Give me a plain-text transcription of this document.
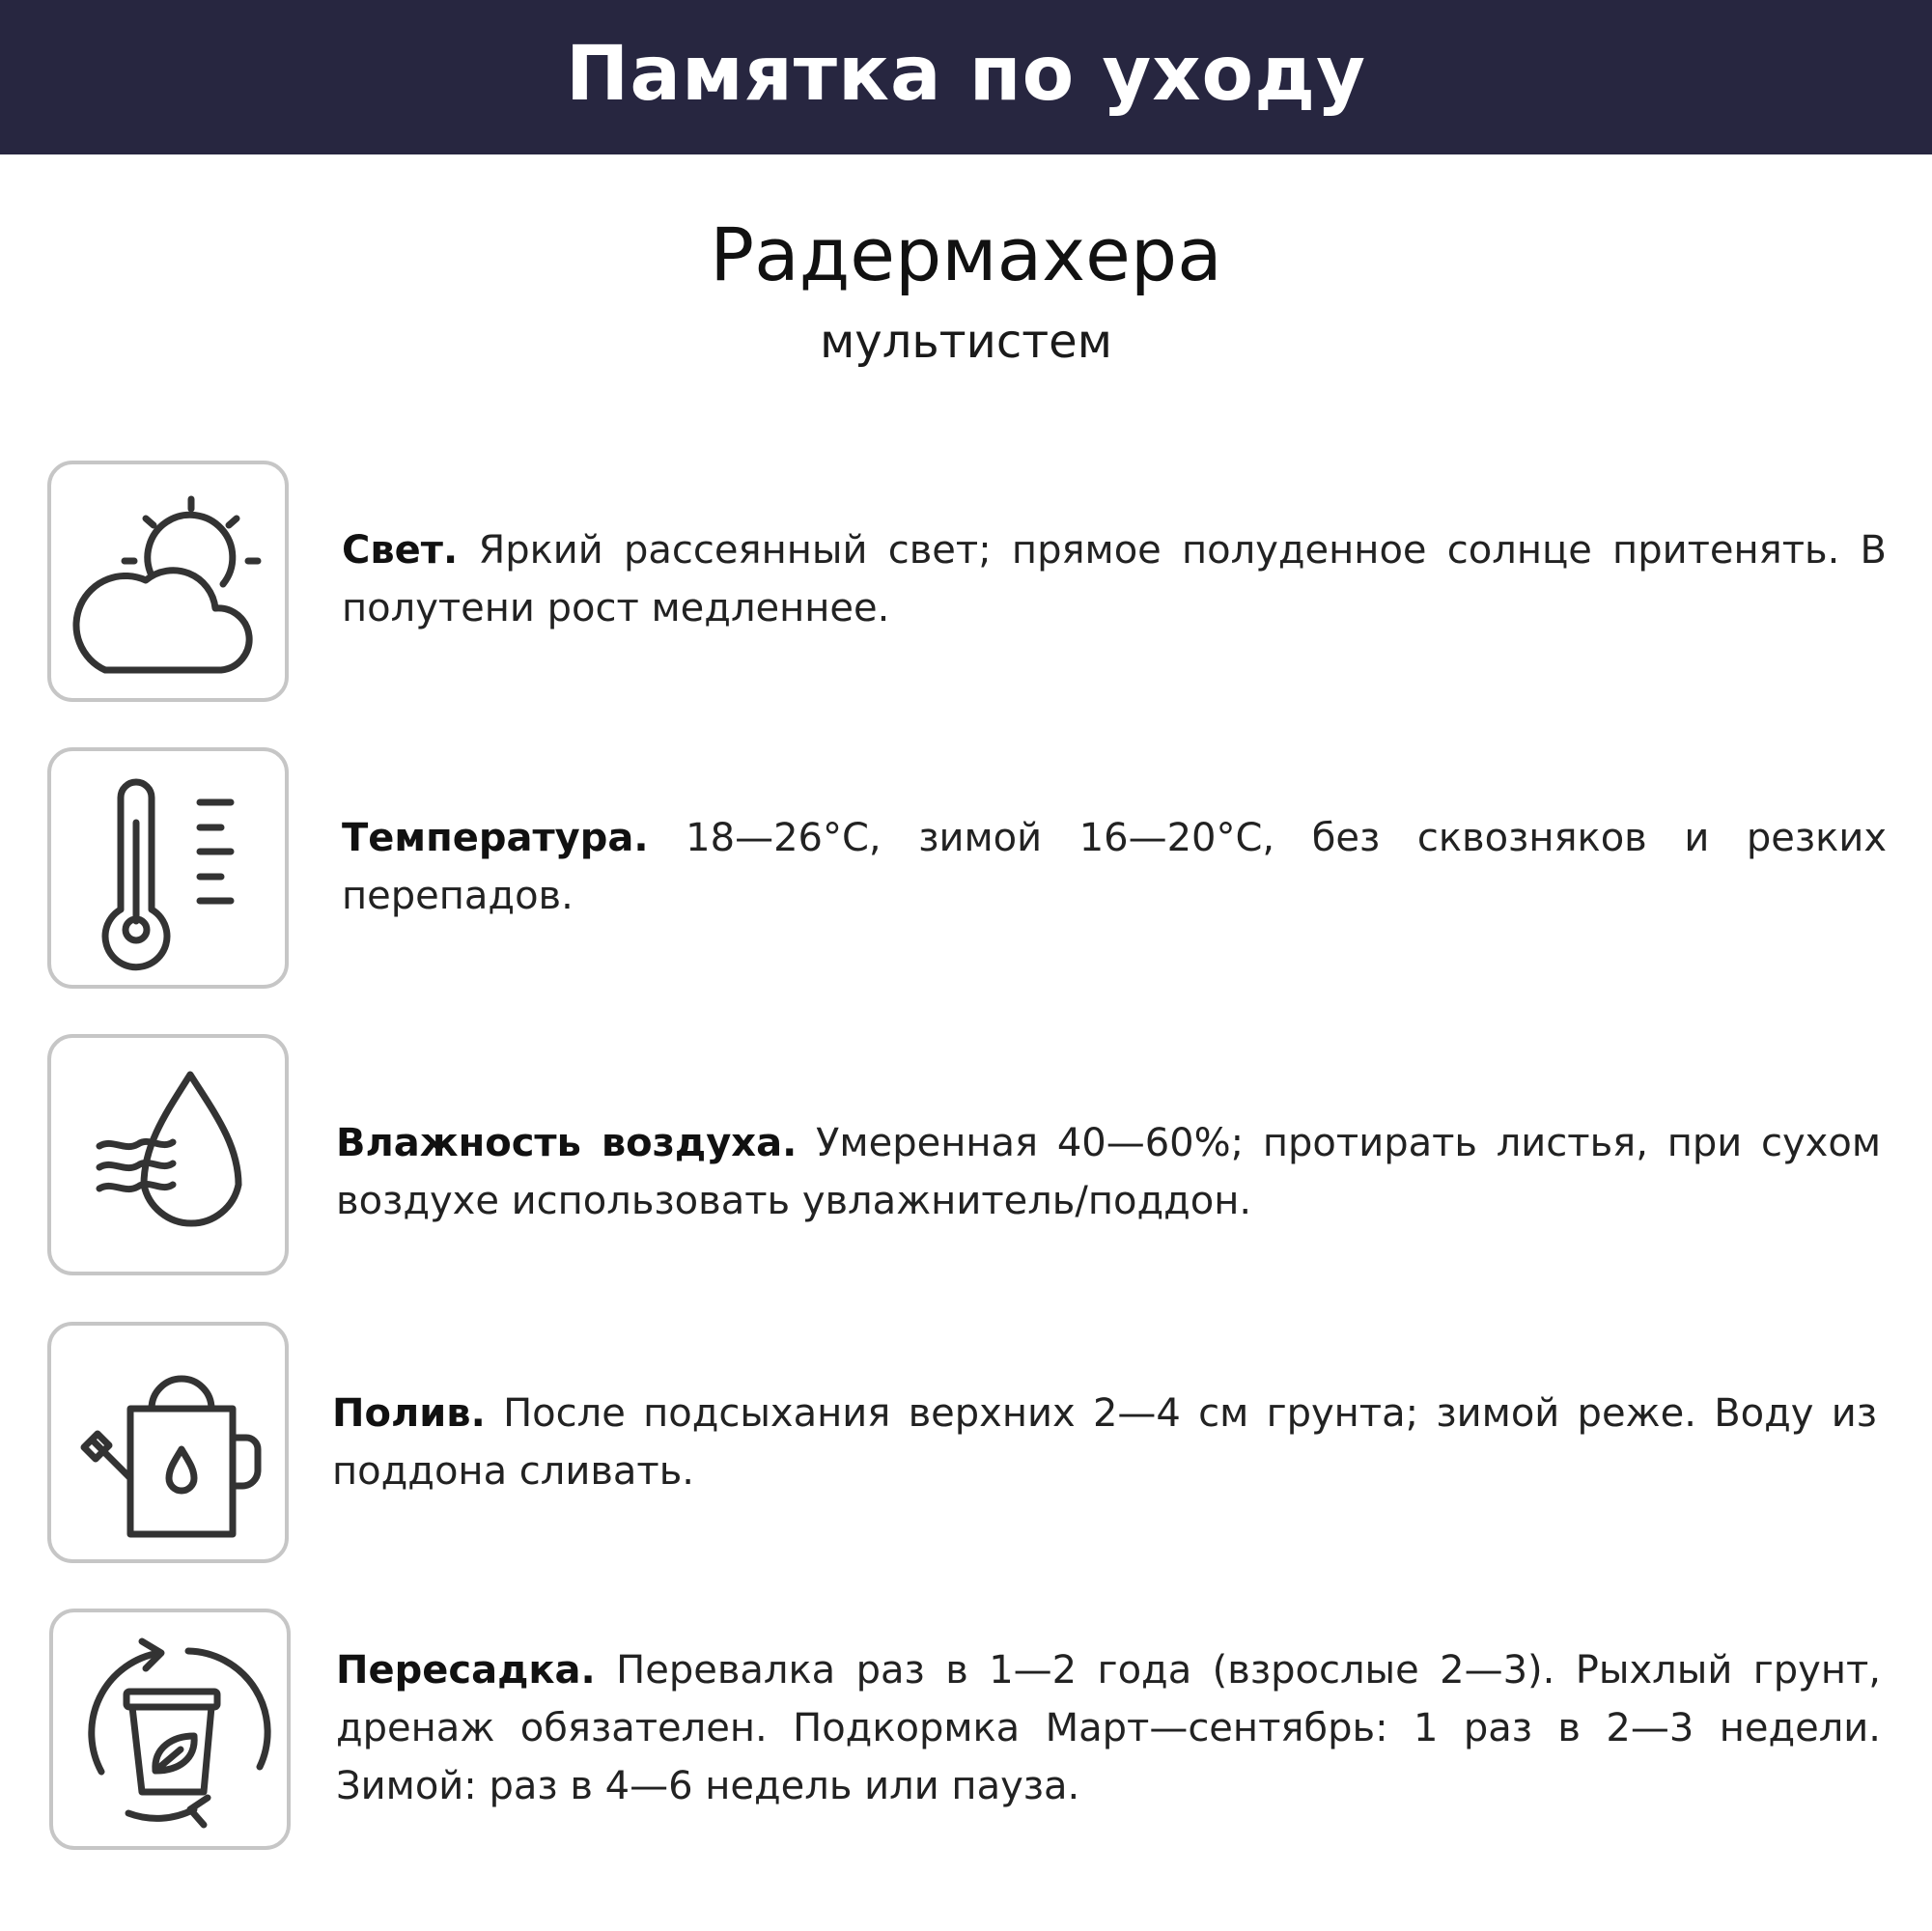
Памятка по уходу
Радермахера
мультистем
Свет. Яркий рассеянный свет; прямое полуденное солнце притенять. В полутени рост медленнее.
Температура. 18—26°С, зимой 16—20°С, без сквозняков и резких перепадов.
Влажность воздуха. Умеренная 40—60%; протирать листья, при сухом воздухе использовать увлажнитель/поддон.
Полив. После подсыхания верхних 2—4 см грунта; зимой реже. Воду из поддона сливать.
Пересадка. Перевалка раз в 1—2 года (взрослые 2—3). Рыхлый грунт, дренаж обязателен. Подкормка Март—сентябрь: 1 раз в 2—3 недели. Зимой: раз в 4—6 недель или пауза.
